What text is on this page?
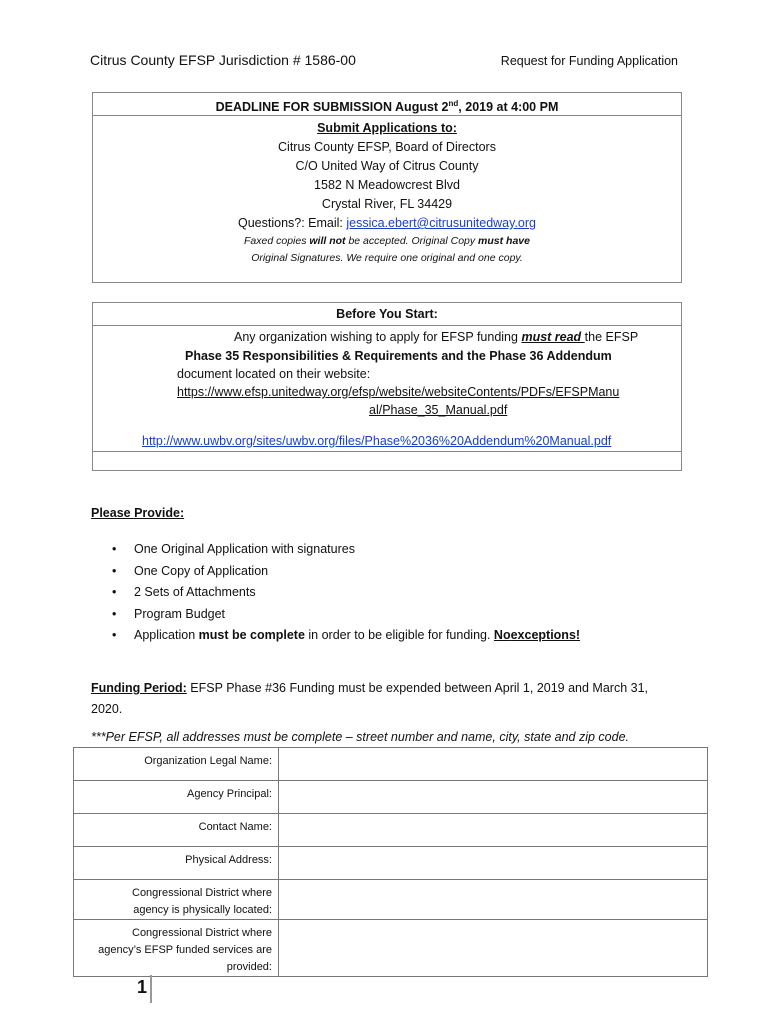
Citrus County EFSP Jurisdiction # 1586-00	Request for Funding Application
DEADLINE FOR SUBMISSION August 2nd, 2019 at 4:00 PM
Submit Applications to:
Citrus County EFSP, Board of Directors
C/O United Way of Citrus County
1582 N Meadowcrest Blvd
Crystal River, FL 34429
Questions?: Email: jessica.ebert@citrusunitedway.org
Faxed copies will not be accepted. Original Copy must have
Original Signatures. We require one original and one copy.
Before You Start:
Any organization wishing to apply for EFSP funding must read the EFSP
Phase 35 Responsibilities & Requirements and the Phase 36 Addendum
document located on their website:
https://www.efsp.unitedway.org/efsp/website/websiteContents/PDFs/EFSPManu
al/Phase_35_Manual.pdf
http://www.uwbv.org/sites/uwbv.org/files/Phase%2036%20Addendum%20Manual.pdf
Please Provide:
• One Original Application with signatures
• One Copy of Application
• 2 Sets of Attachments
• Program Budget
• Application must be complete in order to be eligible for funding. Noexceptions!
Funding Period: EFSP Phase #36 Funding must be expended between April 1, 2019 and March 31, 2020.
***Per EFSP, all addresses must be complete – street number and name, city, state and zip code.
Organization Legal Name:	
Agency Principal:	
Contact Name:	
Physical Address:	

Congressional District where
agency is physically located:	

Congressional District where
agency’s EFSP funded services are
provided:	

1
